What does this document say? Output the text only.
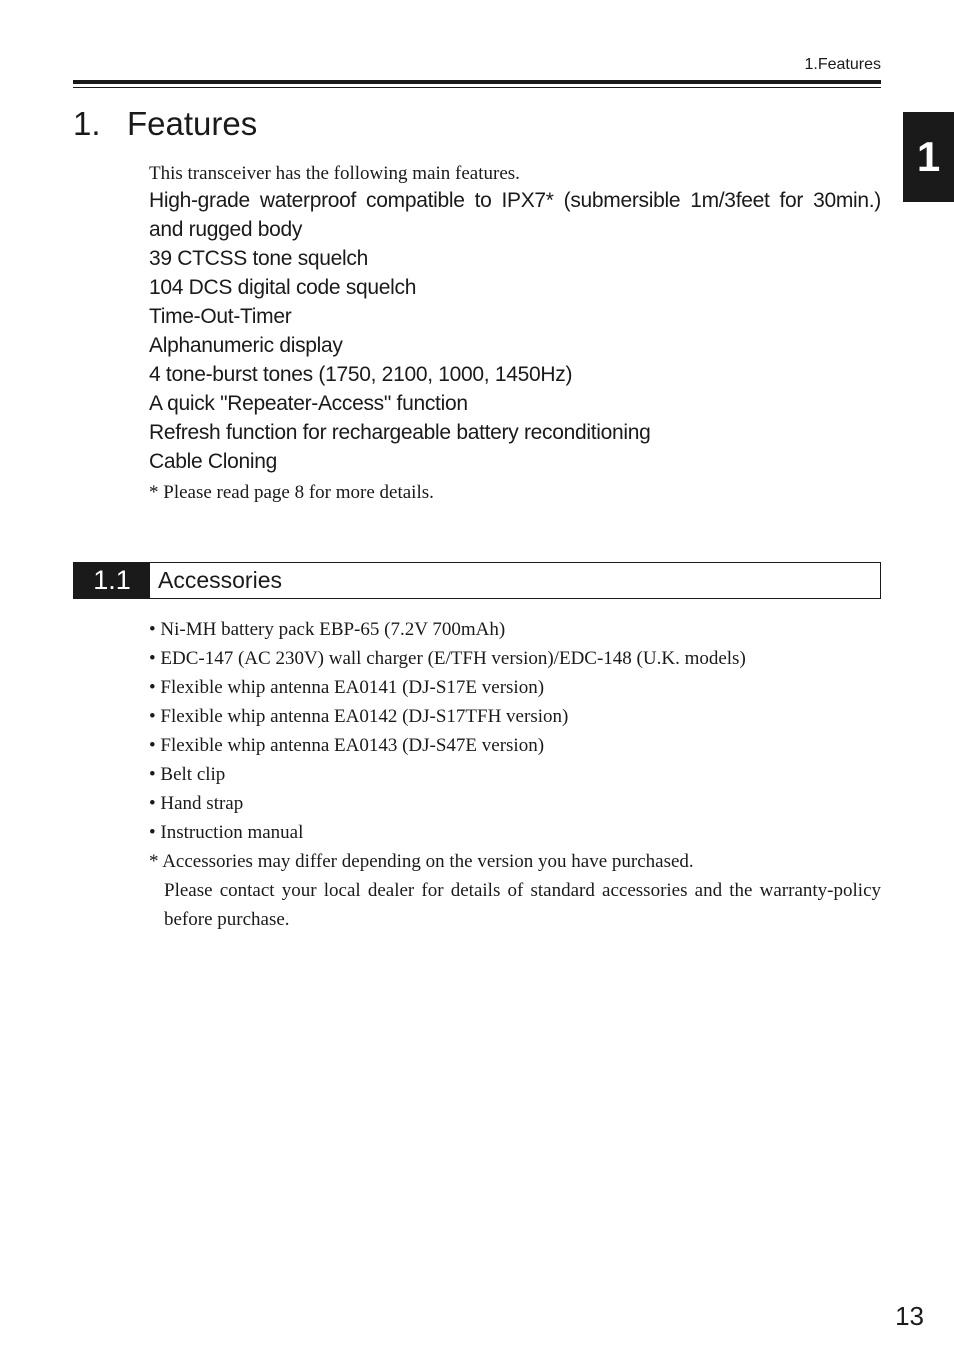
1.Features
1
1. Features
This transceiver has the following main features.
High-grade waterproof compatible to IPX7* (submersible 1m/3feet for 30min.) and rugged body
39 CTCSS tone squelch
104 DCS digital code squelch
Time-Out-Timer
Alphanumeric display
4 tone-burst tones (1750, 2100, 1000, 1450Hz)
A quick "Repeater-Access" function
Refresh function for rechargeable battery reconditioning
Cable Cloning
* Please read page 8 for more details.
1.1	Accessories
• Ni-MH battery pack EBP-65 (7.2V 700mAh)
• EDC-147 (AC 230V) wall charger (E/TFH version)/EDC-148 (U.K. models)
• Flexible whip antenna EA0141 (DJ-S17E version)
• Flexible whip antenna EA0142 (DJ-S17TFH version)
• Flexible whip antenna EA0143 (DJ-S47E version)
• Belt clip
• Hand strap
• Instruction manual
* Accessories may differ depending on the version you have purchased.
Please contact your local dealer for details of standard accessories and the warranty-policy before purchase.
13
